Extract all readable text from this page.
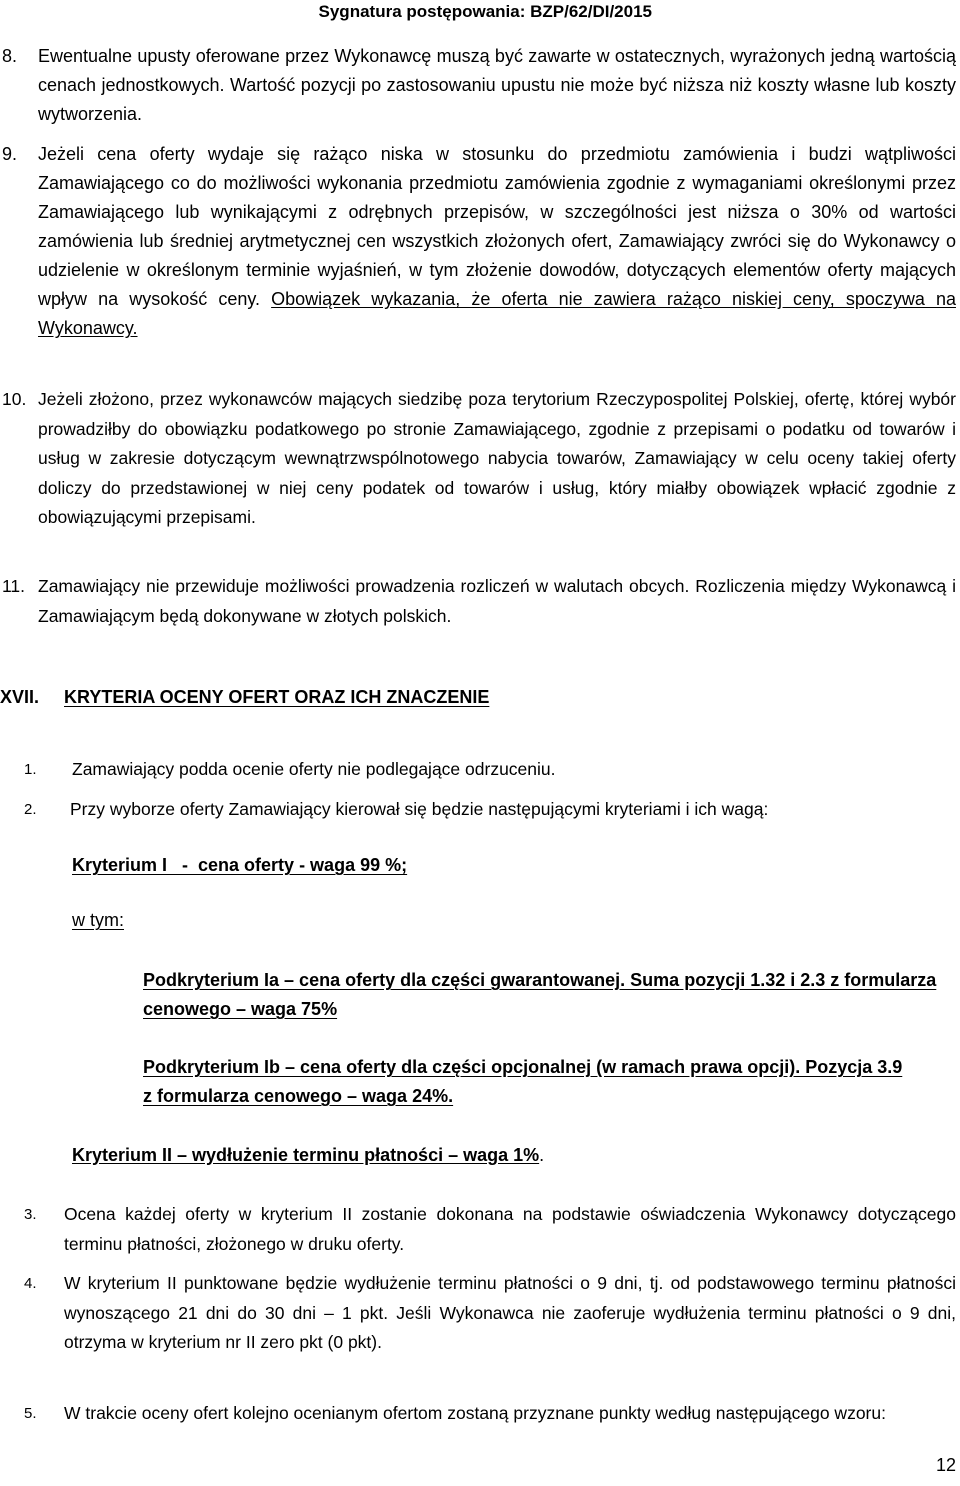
Sygnatura postępowania: BZP/62/DI/2015
8. Ewentualne upusty oferowane przez Wykonawcę muszą być zawarte w ostatecznych, wyrażonych jedną wartością cenach jednostkowych. Wartość pozycji po zastosowaniu upustu nie może być niższa niż koszty własne lub koszty wytworzenia.
9. Jeżeli cena oferty wydaje się rażąco niska w stosunku do przedmiotu zamówienia i budzi wątpliwości Zamawiającego co do możliwości wykonania przedmiotu zamówienia zgodnie z wymaganiami określonymi przez Zamawiającego lub wynikającymi z odrębnych przepisów, w szczególności jest niższa o 30% od wartości zamówienia lub średniej arytmetycznej cen wszystkich złożonych ofert, Zamawiający zwróci się do Wykonawcy o udzielenie w określonym terminie wyjaśnień, w tym złożenie dowodów, dotyczących elementów oferty mających wpływ na wysokość ceny. Obowiązek wykazania, że oferta nie zawiera rażąco niskiej ceny, spoczywa na Wykonawcy.
10. Jeżeli złożono, przez wykonawców mających siedzibę poza terytorium Rzeczypospolitej Polskiej, ofertę, której wybór prowadziłby do obowiązku podatkowego po stronie Zamawiającego, zgodnie z przepisami o podatku od towarów i usług w zakresie dotyczącym wewnątrzwspólnotowego nabycia towarów, Zamawiający w celu oceny takiej oferty doliczy do przedstawionej w niej ceny podatek od towarów i usług, który miałby obowiązek wpłacić zgodnie z obowiązującymi przepisami.
11. Zamawiający nie przewiduje możliwości prowadzenia rozliczeń w walutach obcych. Rozliczenia między Wykonawcą i Zamawiającym będą dokonywane w złotych polskich.
XVII. KRYTERIA OCENY OFERT ORAZ ICH ZNACZENIE
1. Zamawiający podda ocenie oferty nie podlegające odrzuceniu.
2. Przy wyborze oferty Zamawiający kierował się będzie następującymi kryteriami i ich wagą:
Kryterium I   -  cena oferty - waga 99 %;
w tym:
Podkryterium Ia – cena oferty dla części gwarantowanej. Suma pozycji 1.32 i 2.3 z formularza cenowego – waga 75%
Podkryterium Ib – cena oferty dla części opcjonalnej (w ramach prawa opcji). Pozycja 3.9 z formularza cenowego – waga 24%.
Kryterium II – wydłużenie terminu płatności – waga 1%.
3. Ocena każdej oferty w kryterium II zostanie dokonana na podstawie oświadczenia Wykonawcy dotyczącego terminu płatności, złożonego w druku oferty.
4. W kryterium II punktowane będzie wydłużenie terminu płatności o 9 dni, tj. od podstawowego terminu płatności wynoszącego 21 dni do 30 dni – 1 pkt. Jeśli Wykonawca nie zaoferuje wydłużenia terminu płatności o 9 dni, otrzyma w kryterium nr II zero pkt (0 pkt).
5. W trakcie oceny ofert kolejno ocenianym ofertom zostaną przyznane punkty według następującego wzoru:
12
